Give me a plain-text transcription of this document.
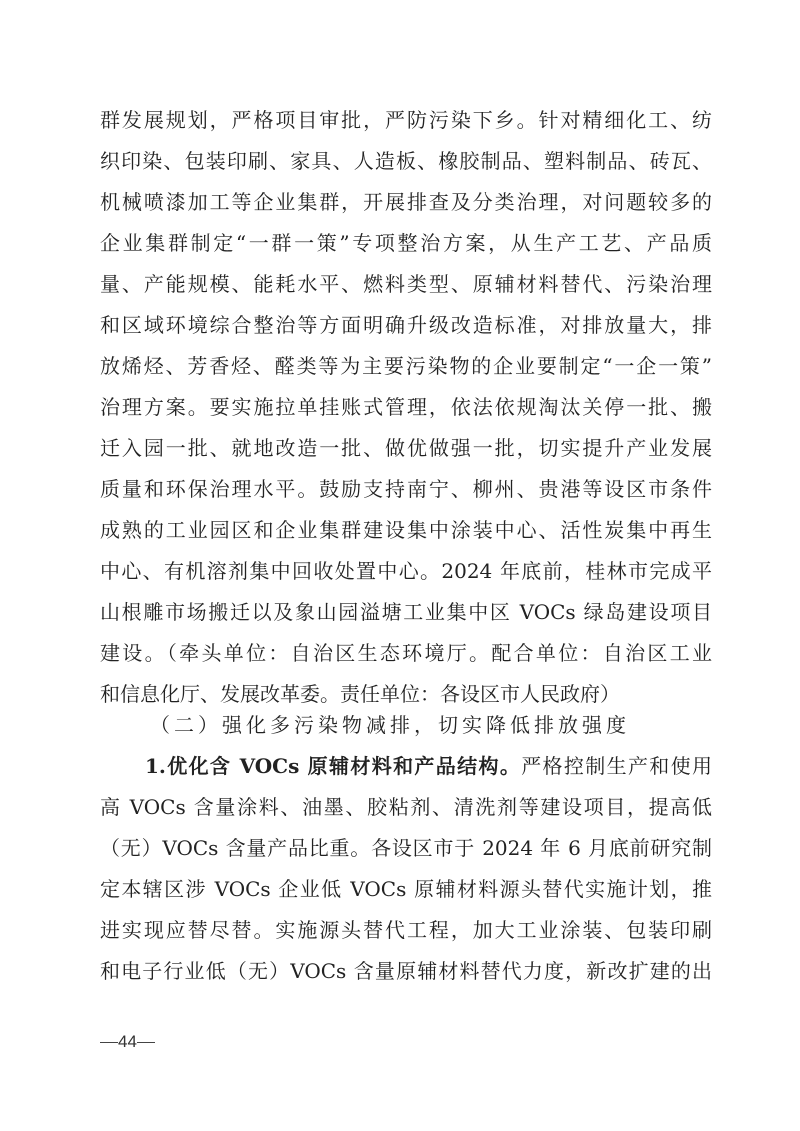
群发展规划，严格项目审批，严防污染下乡。针对精细化工、纺
织印染、包装印刷、家具、人造板、橡胶制品、塑料制品、砖瓦、
机械喷漆加工等企业集群，开展排查及分类治理，对问题较多的
企业集群制定“一群一策”专项整治方案，从生产工艺、产品质
量、产能规模、能耗水平、燃料类型、原辅材料替代、污染治理
和区域环境综合整治等方面明确升级改造标准，对排放量大，排
放烯烃、芳香烃、醛类等为主要污染物的企业要制定“一企一策”
治理方案。要实施拉单挂账式管理，依法依规淘汰关停一批、搬
迁入园一批、就地改造一批、做优做强一批，切实提升产业发展
质量和环保治理水平。鼓励支持南宁、柳州、贵港等设区市条件
成熟的工业园区和企业集群建设集中涂装中心、活性炭集中再生
中心、有机溶剂集中回收处置中心。2024 年底前，桂林市完成平
山根雕市场搬迁以及象山园溢塘工业集中区 VOCs 绿岛建设项目
建设。（牵头单位：自治区生态环境厅。配合单位：自治区工业
和信息化厅、发展改革委。责任单位：各设区市人民政府）
（二）强化多污染物减排，切实降低排放强度
1.优化含 VOCs 原辅材料和产品结构。严格控制生产和使用
高 VOCs 含量涂料、油墨、胶粘剂、清洗剂等建设项目，提高低
（无）VOCs 含量产品比重。各设区市于 2024 年 6 月底前研究制
定本辖区涉 VOCs 企业低 VOCs 原辅材料源头替代实施计划，推
进实现应替尽替。实施源头替代工程，加大工业涂装、包装印刷
和电子行业低（无）VOCs 含量原辅材料替代力度，新改扩建的出
44
